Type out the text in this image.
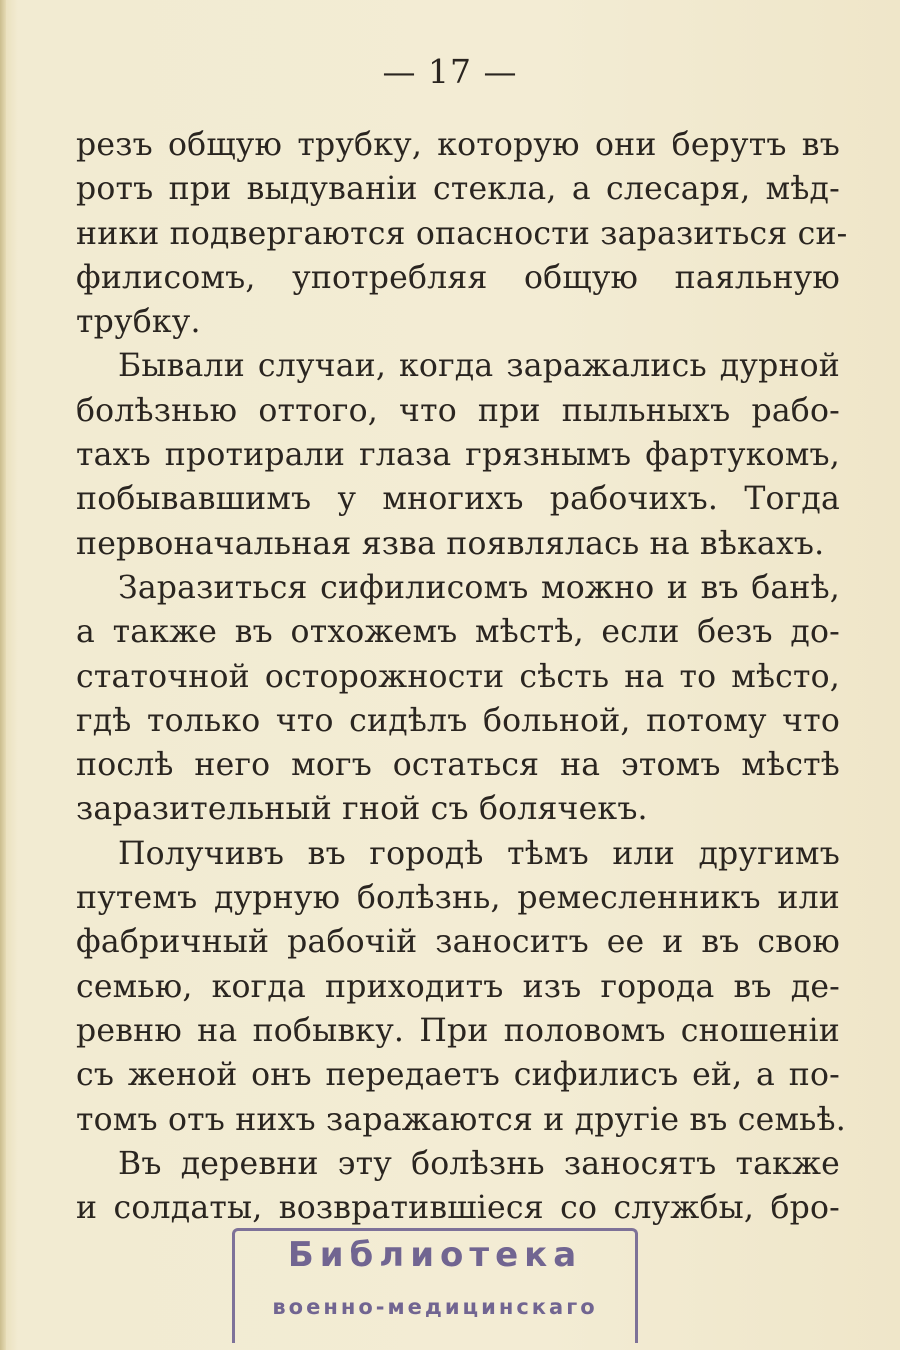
— 17 —
резъ общую трубку, которую они берутъ въ
ротъ при выдуванiи стекла, а слесаря, мѣд-
ники подвергаются опасности заразиться си-
филисомъ, употребляя общую паяльную
трубку.
Бывали случаи, когда заражались дурной
болѣзнью оттого, что при пыльныхъ рабо-
тахъ протирали глаза грязнымъ фартукомъ,
побывавшимъ у многихъ рабочихъ. Тогда
первоначальная язва появлялась на вѣкахъ.
Заразиться сифилисомъ можно и въ банѣ,
а также въ отхожемъ мѣстѣ, если безъ до-
статочной осторожности сѣсть на то мѣсто,
гдѣ только что сидѣлъ больной, потому что
послѣ него могъ остаться на этомъ мѣстѣ
заразительный гной съ болячекъ.
Получивъ въ городѣ тѣмъ или другимъ
путемъ дурную болѣзнь, ремесленникъ или
фабричный рабочiй заноситъ ее и въ свою
семью, когда приходитъ изъ города въ де-
ревню на побывку. При половомъ сношенiи
съ женой онъ передаетъ сифилисъ ей, а по-
томъ отъ нихъ заражаются и другiе въ семьѣ.
Въ деревни эту болѣзнь заносятъ также
и солдаты, возвратившiеся со службы, бро-
Библиотека
военно-медицинскаго
